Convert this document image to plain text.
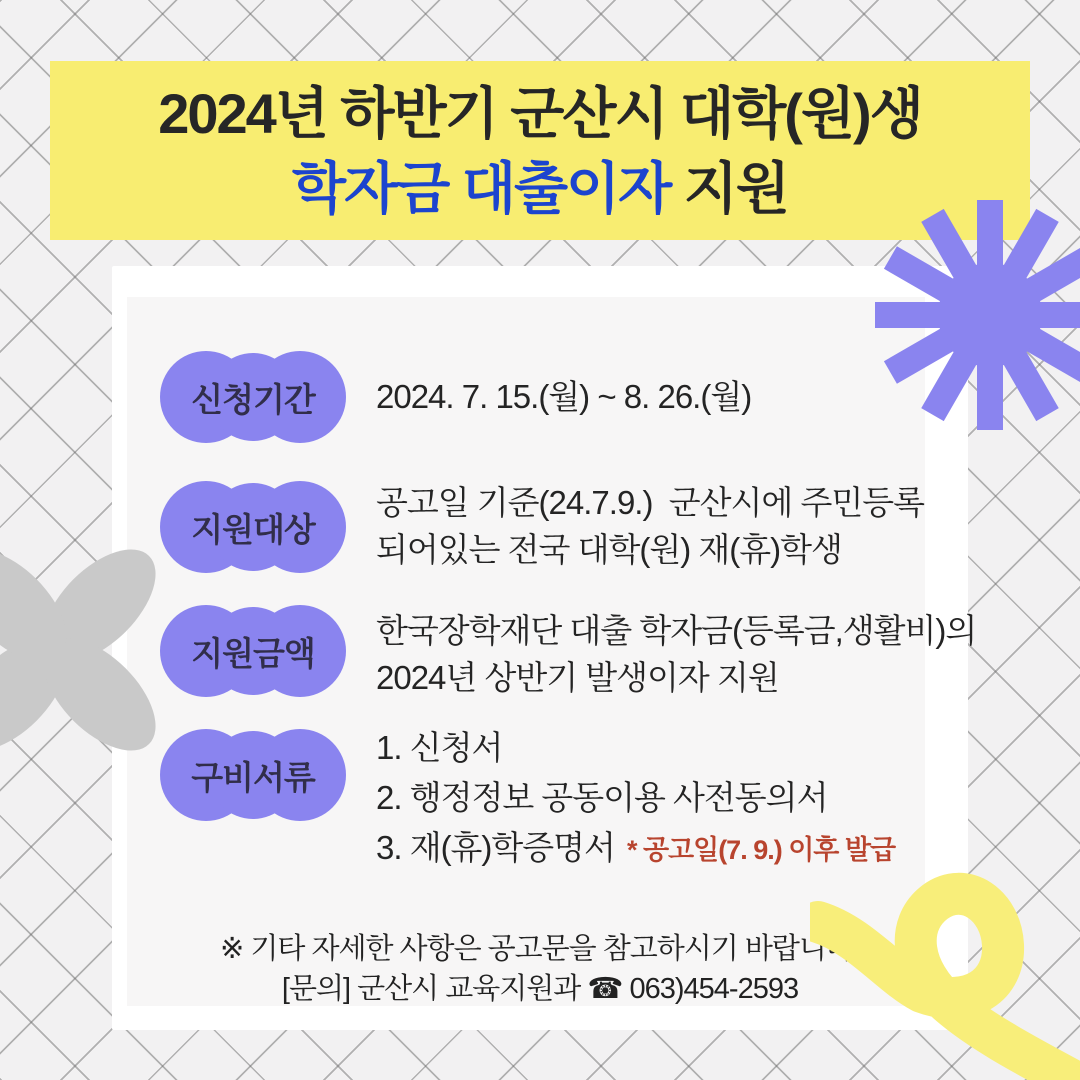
2024년 하반기 군산시 대학(원)생
학자금 대출이자 지원
신청기간
지원대상
지원금액
구비서류
2024. 7. 15.(월) ~ 8. 26.(월)
공고일 기준(24.7.9.)  군산시에 주민등록
되어있는 전국 대학(원) 재(휴)학생
한국장학재단 대출 학자금(등록금,생활비)의
2024년 상반기 발생이자 지원
1. 신청서
2. 행정정보 공동이용 사전동의서
3. 재(휴)학증명서 * 공고일(7. 9.) 이후 발급
※ 기타 자세한 사항은 공고문을 참고하시기 바랍니다.
[문의] 군산시 교육지원과 ☎ 063)454-2593
